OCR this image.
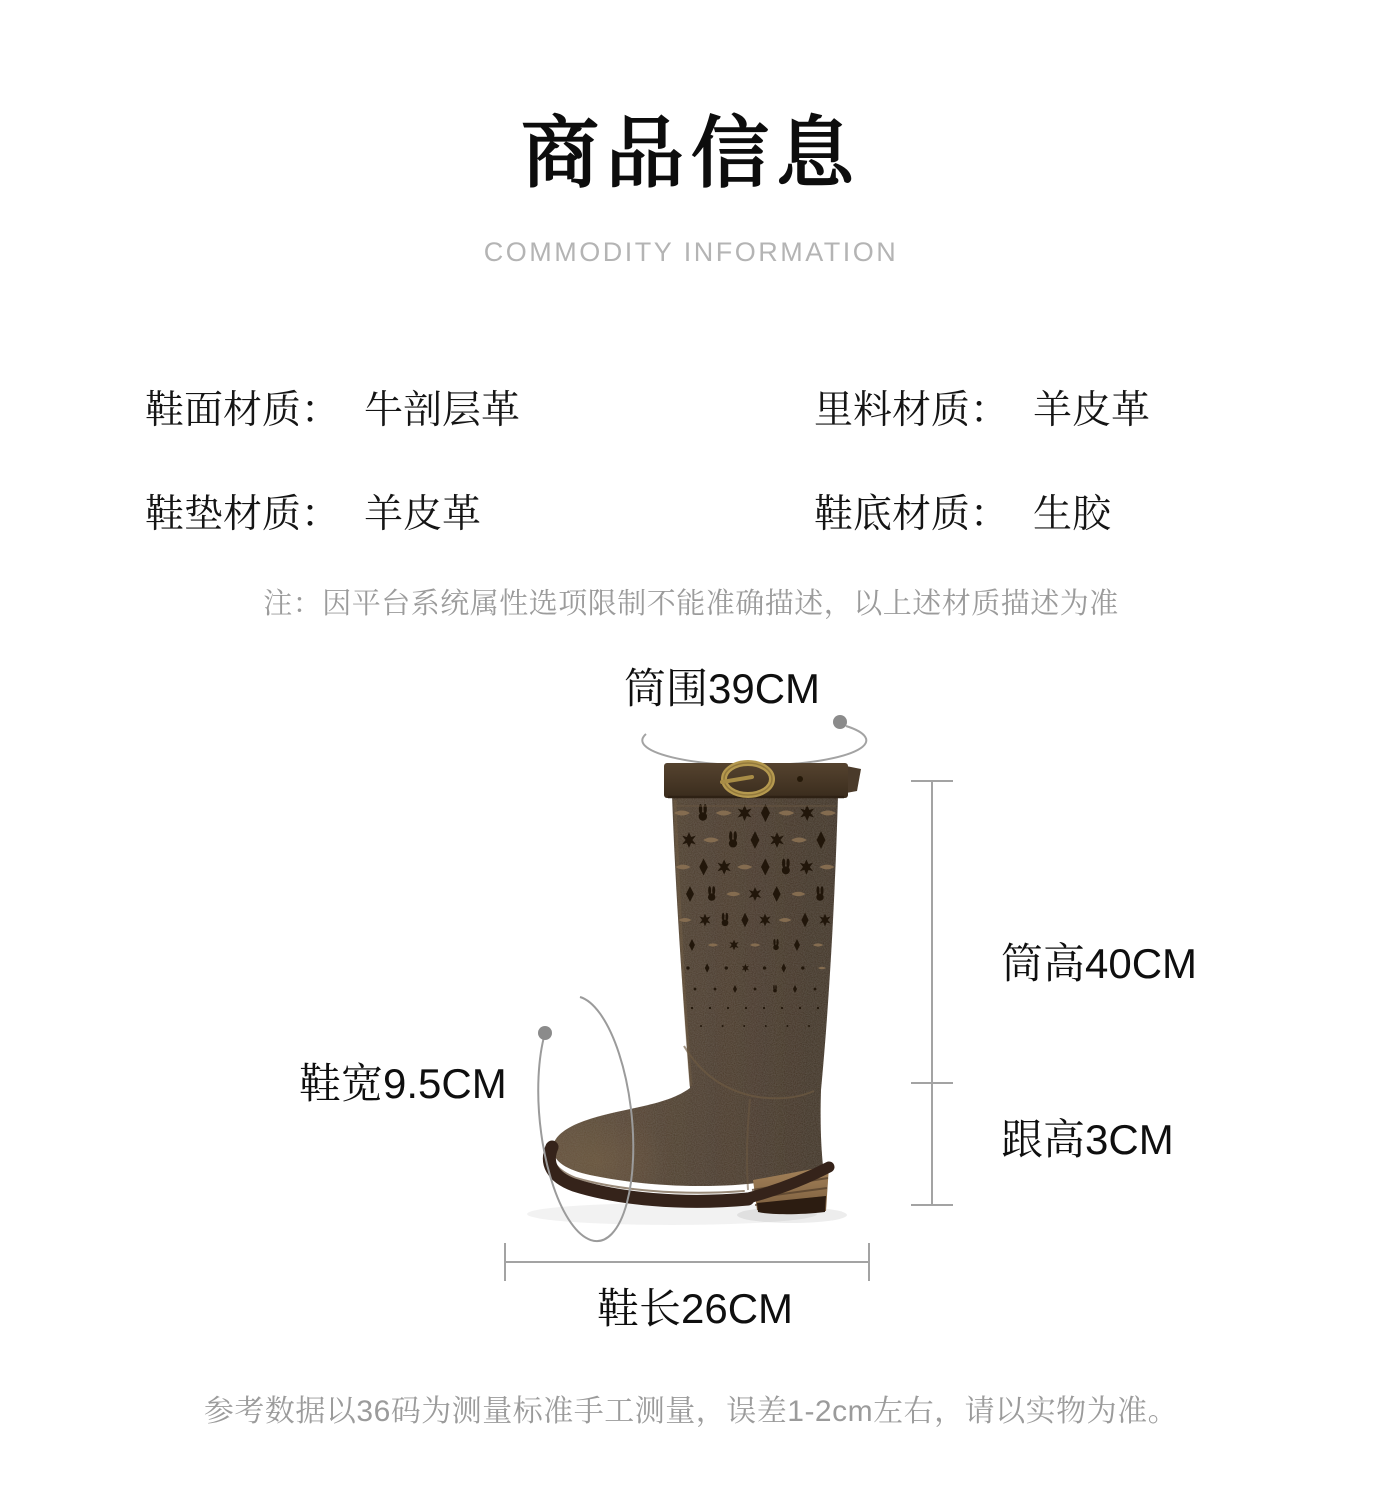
商品信息
COMMODITY INFORMATION
鞋面材质： 牛剖层革	里料材质： 羊皮革
鞋垫材质： 羊皮革	鞋底材质： 生胶
注：因平台系统属性选项限制不能准确描述，以上述材质描述为准
筒围39CM
筒高40CM
跟高3CM
鞋宽9.5CM
鞋长26CM
参考数据以36码为测量标准手工测量，误差1-2cm左右，请以实物为准。
